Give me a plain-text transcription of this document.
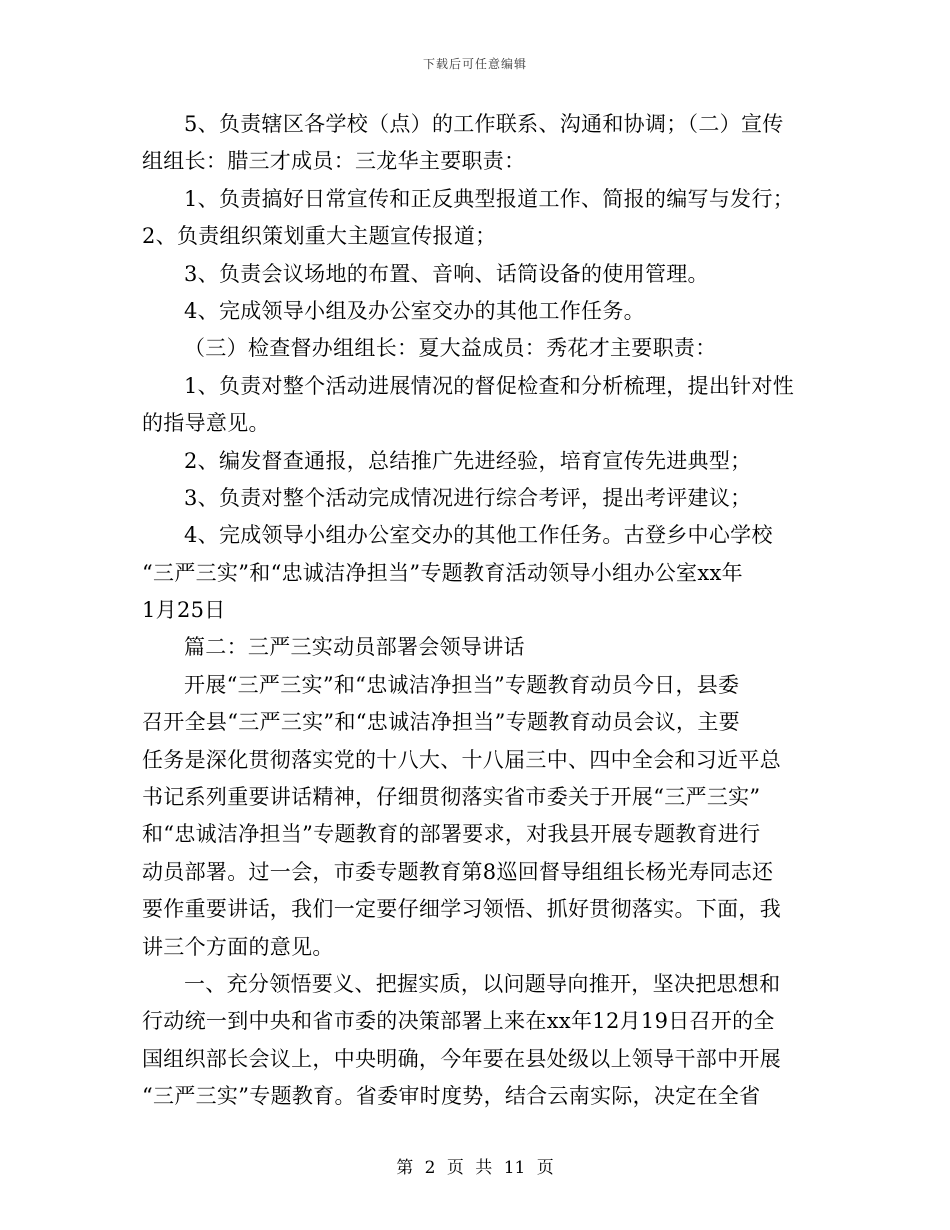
下载后可任意编辑
5、负责辖区各学校（点）的工作联系、沟通和协调；（二）宣传
组组长：腊三才成员：三龙华主要职责：
1、负责搞好日常宣传和正反典型报道工作、简报的编写与发行；
2、负责组织策划重大主题宣传报道；
3、负责会议场地的布置、音响、话筒设备的使用管理。
4、完成领导小组及办公室交办的其他工作任务。
（三）检查督办组组长：夏大益成员：秀花才主要职责：
1、负责对整个活动进展情况的督促检查和分析梳理，提出针对性
的指导意见。
2、编发督查通报，总结推广先进经验，培育宣传先进典型；
3、负责对整个活动完成情况进行综合考评，提出考评建议；
4、完成领导小组办公室交办的其他工作任务。古登乡中心学校
“三严三实”和“忠诚洁净担当”专题教育活动领导小组办公室xx年
1月25日
篇二：三严三实动员部署会领导讲话
开展“三严三实”和“忠诚洁净担当”专题教育动员今日，县委
召开全县“三严三实”和“忠诚洁净担当”专题教育动员会议，主要
任务是深化贯彻落实党的十八大、十八届三中、四中全会和习近平总
书记系列重要讲话精神，仔细贯彻落实省市委关于开展“三严三实”
和“忠诚洁净担当”专题教育的部署要求，对我县开展专题教育进行
动员部署。过一会，市委专题教育第8巡回督导组组长杨光寿同志还
要作重要讲话，我们一定要仔细学习领悟、抓好贯彻落实。下面，我
讲三个方面的意见。
一、充分领悟要义、把握实质，以问题导向推开，坚决把思想和
行动统一到中央和省市委的决策部署上来在xx年12月19日召开的全
国组织部长会议上，中央明确，今年要在县处级以上领导干部中开展
“三严三实”专题教育。省委审时度势，结合云南实际，决定在全省
第 2 页 共 11 页
